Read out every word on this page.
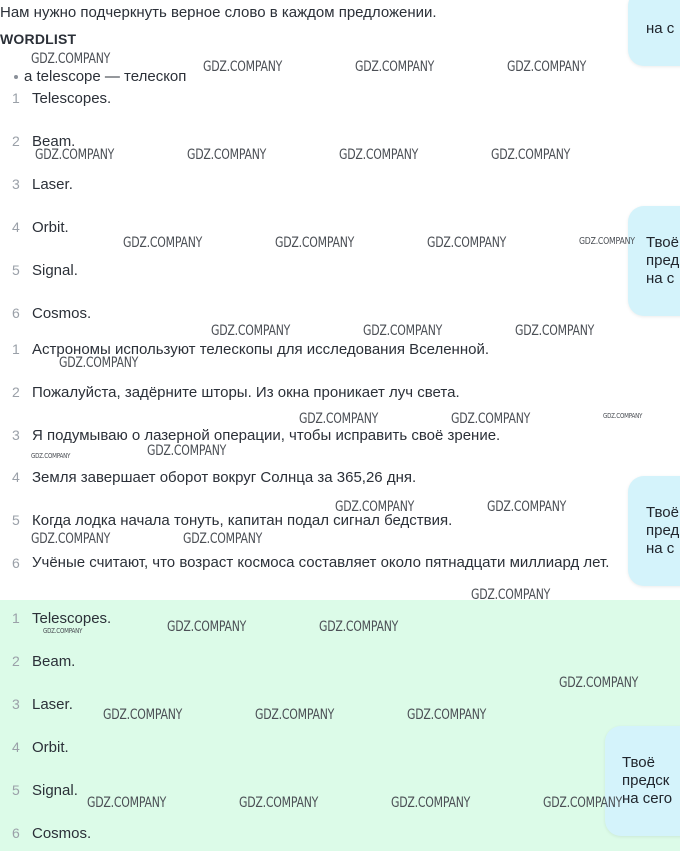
Нам нужно подчеркнуть верное слово в каждом предложении.
WORDLIST
a telescope — телескоп
1 Telescopes.
2 Beam.
3 Laser.
4 Orbit.
5 Signal.
6 Cosmos.
1 Астрономы используют телескопы для исследования Вселенной.
2 Пожалуйста, задёрните шторы. Из окна проникает луч света.
3 Я подумываю о лазерной операции, чтобы исправить своё зрение.
4 Земля завершает оборот вокруг Солнца за 365,26 дня.
5 Когда лодка начала тонуть, капитан подал сигнал бедствия.
6 Учёные считают, что возраст космоса составляет около пятнадцати миллиард лет.
1 Telescopes.
2 Beam.
3 Laser.
4 Orbit.
5 Signal.
6 Cosmos.
на с
Твоё
пред
на с
Твоё
пред
на с
Твоё
предск
на сего
GDZ.COMPANY	GDZ.COMPANY	GDZ.COMPANY	GDZ.COMPANY
GDZ.COMPANY	GDZ.COMPANY	GDZ.COMPANY	GDZ.COMPANY
GDZ.COMPANY	GDZ.COMPANY	GDZ.COMPANY	GDZ.COMPANY
GDZ.COMPANY	GDZ.COMPANY	GDZ.COMPANY
GDZ.COMPANY
GDZ.COMPANY	GDZ.COMPANY	GDZ.COMPANY
GDZ.COMPANY
GDZ.COMPANY
GDZ.COMPANY	GDZ.COMPANY
GDZ.COMPANY	GDZ.COMPANY
GDZ.COMPANY
GDZ.COMPANY	GDZ.COMPANY
GDZ.COMPANY
GDZ.COMPANY
GDZ.COMPANY	GDZ.COMPANY	GDZ.COMPANY
GDZ.COMPANY	GDZ.COMPANY	GDZ.COMPANY	GDZ.COMPANY
